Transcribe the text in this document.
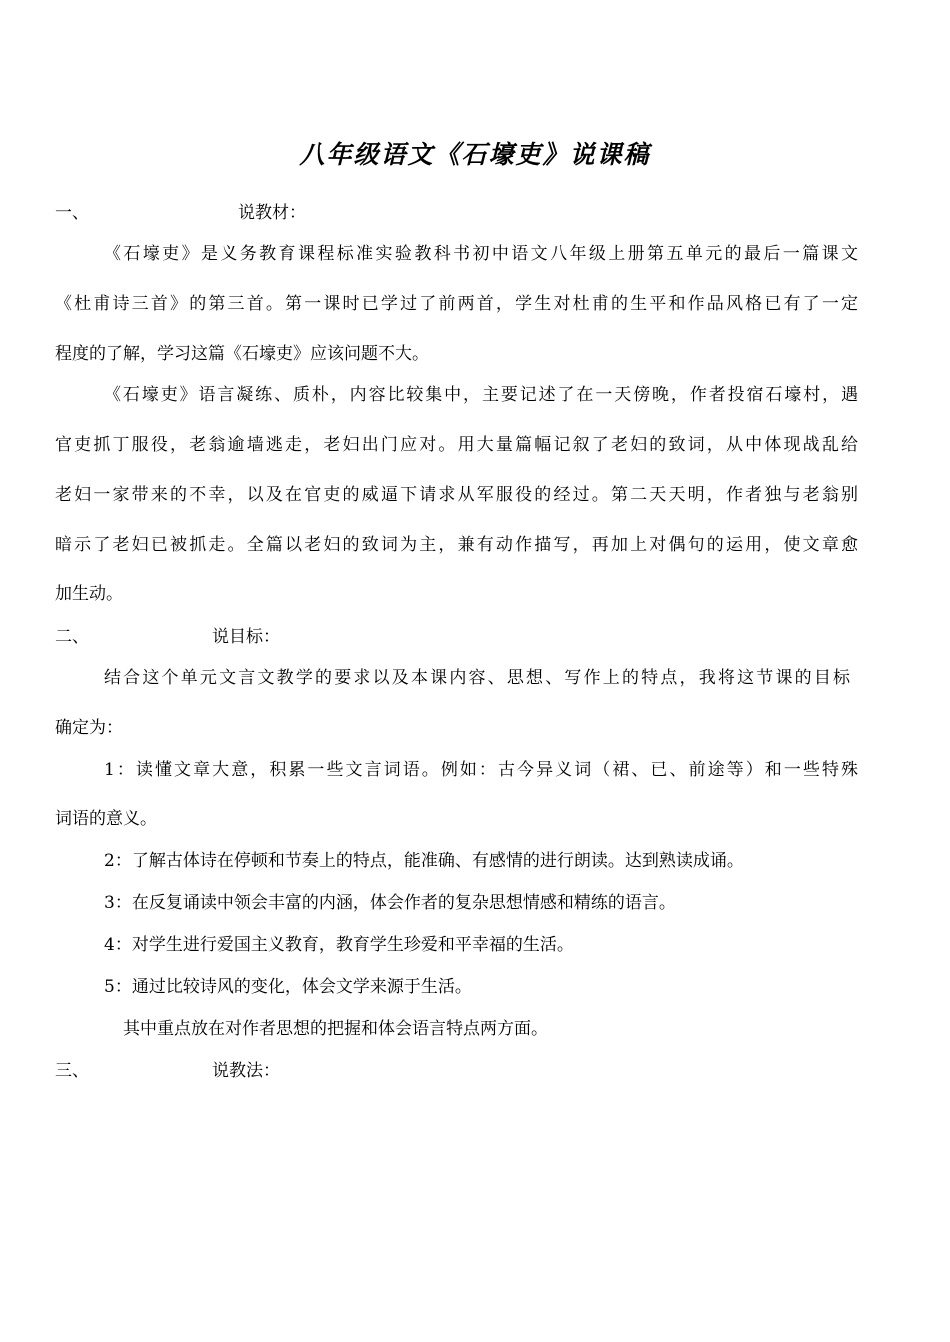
八年级语文《石壕吏》说课稿
一、	说教材：
《石壕吏》是义务教育课程标准实验教科书初中语文八年级上册第五单元的最后一篇课文
《杜甫诗三首》的第三首。第一课时已学过了前两首，学生对杜甫的生平和作品风格已有了一定
程度的了解，学习这篇《石壕吏》应该问题不大。
《石壕吏》语言凝练、质朴，内容比较集中，主要记述了在一天傍晚，作者投宿石壕村，遇
官吏抓丁服役，老翁逾墙逃走，老妇出门应对。用大量篇幅记叙了老妇的致词，从中体现战乱给
老妇一家带来的不幸，以及在官吏的威逼下请求从军服役的经过。第二天天明，作者独与老翁别
暗示了老妇已被抓走。全篇以老妇的致词为主，兼有动作描写，再加上对偶句的运用，使文章愈
加生动。
二、	说目标：
结合这个单元文言文教学的要求以及本课内容、思想、写作上的特点，我将这节课的目标
确定为：
1：读懂文章大意，积累一些文言词语。例如：古今异义词（裙、已、前途等）和一些特殊
词语的意义。
2：了解古体诗在停顿和节奏上的特点，能准确、有感情的进行朗读。达到熟读成诵。
3：在反复诵读中领会丰富的内涵，体会作者的复杂思想情感和精练的语言。
4：对学生进行爱国主义教育，教育学生珍爱和平幸福的生活。
5：通过比较诗风的变化，体会文学来源于生活。
其中重点放在对作者思想的把握和体会语言特点两方面。
三、	说教法：
